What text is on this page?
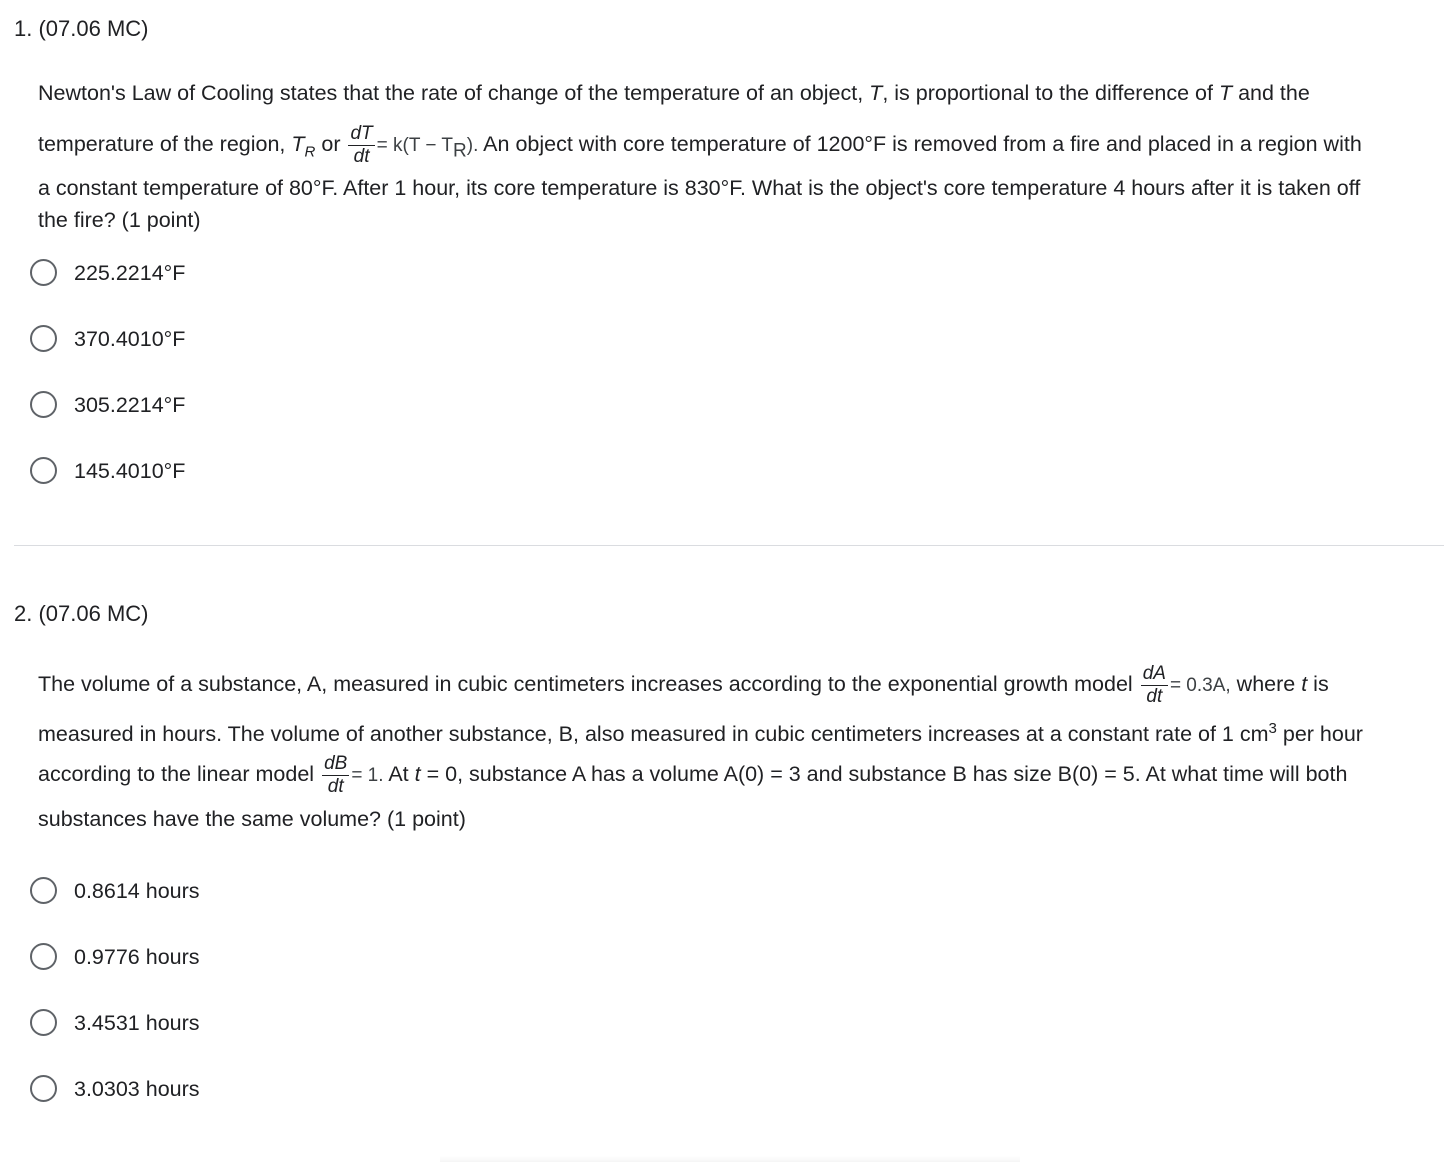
1. (07.06 MC)
Newton's Law of Cooling states that the rate of change of the temperature of an object, T, is proportional to the difference of T and the
temperature of the region, $T_R$ or $\frac{dT}{dt} = k(T - T_R)$. An object with core temperature of 1200°F is removed from a fire and placed in a region with
a constant temperature of 80°F. After 1 hour, its core temperature is 830°F. What is the object's core temperature 4 hours after it is taken off
the fire? (1 point)
225.2214°F
370.4010°F
305.2214°F
145.4010°F
2. (07.06 MC)
The volume of a substance, A, measured in cubic centimeters increases according to the exponential growth model $\frac{dA}{dt} = 0.3A$, where t is
measured in hours. The volume of another substance, B, also measured in cubic centimeters increases at a constant rate of 1 $cm^3$ per hour
according to the linear model $\frac{dB}{dt} = 1$. At t = 0, substance A has a volume A(0) = 3 and substance B has size B(0) = 5. At what time will both
substances have the same volume? (1 point)
0.8614 hours
0.9776 hours
3.4531 hours
3.0303 hours
